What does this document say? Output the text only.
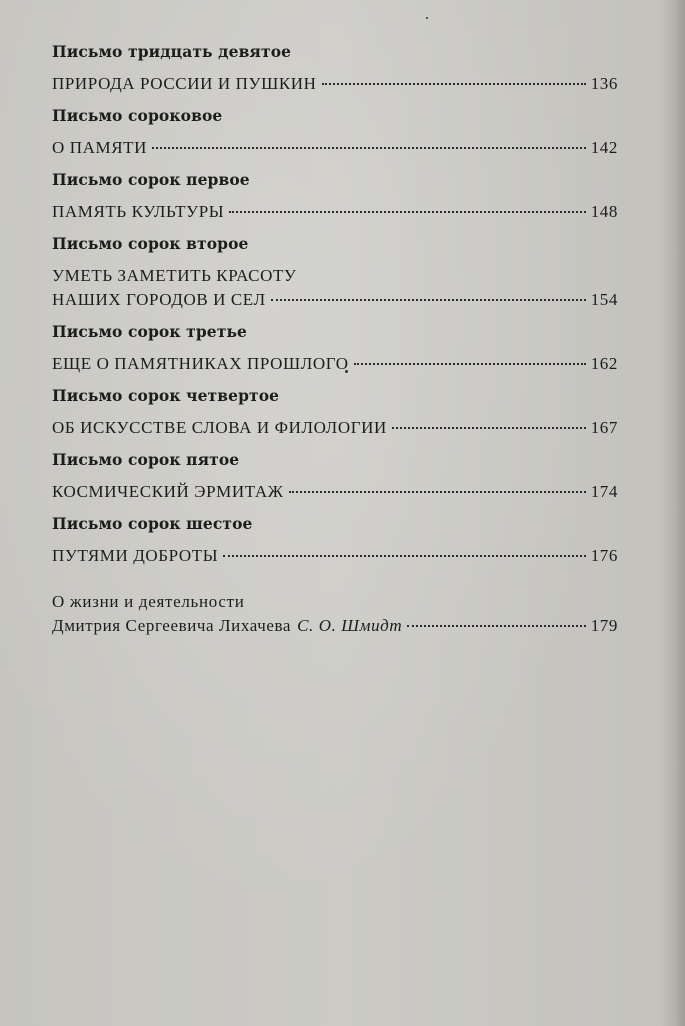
Письмо тридцать девятое
ПРИРОДА РОССИИ И ПУШКИН	136
Письмо сороковое
О ПАМЯТИ	142
Письмо сорок первое
ПАМЯТЬ КУЛЬТУРЫ	148
Письмо сорок второе
УМЕТЬ ЗАМЕТИТЬ КРАСОТУ
НАШИХ ГОРОДОВ И СЕЛ	154
Письмо сорок третье
ЕЩЕ О ПАМЯТНИКАХ ПРОШЛОГО	162
Письмо сорок четвертое
ОБ ИСКУССТВЕ СЛОВА И ФИЛОЛОГИИ	167
Письмо сорок пятое
КОСМИЧЕСКИЙ ЭРМИТАЖ	174
Письмо сорок шестое
ПУТЯМИ ДОБРОТЫ	176
О жизни и деятельности
Дмитрия Сергеевича Лихачева С. О. Шмидт	179
